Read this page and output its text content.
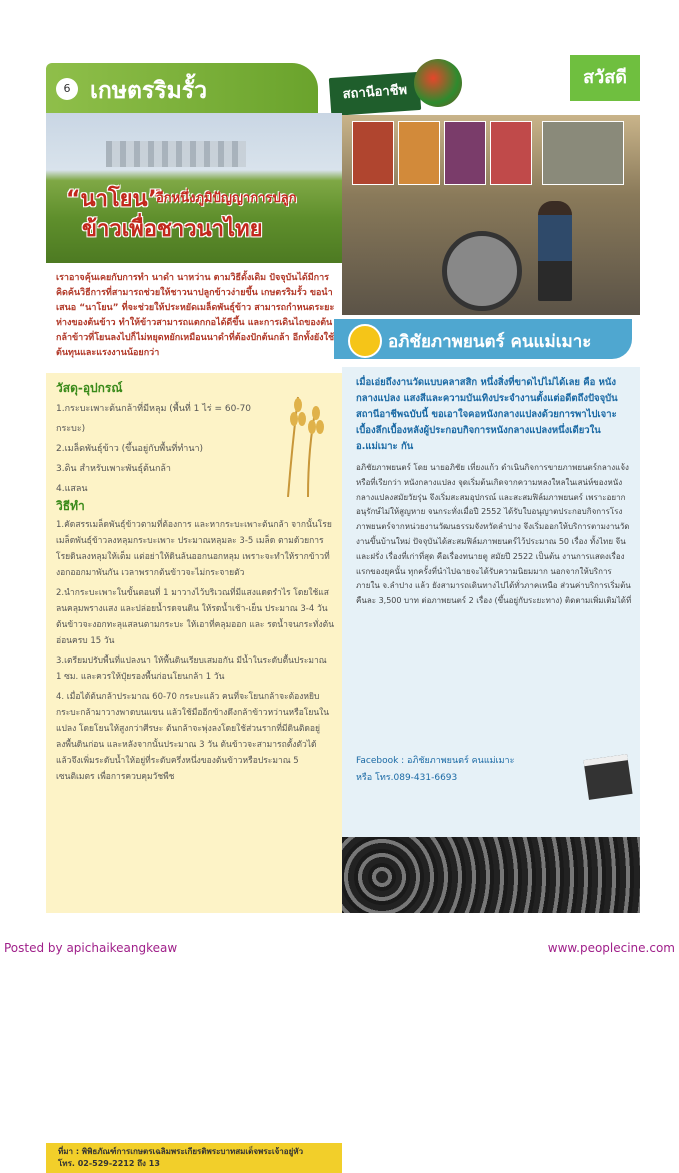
6 เกษตรริมรั้ว	สถานีอาชีพ
สวัสดี
“นาโยน”
อีกหนึ่งภูมิปัญญาการปลูก
ข้าวเพื่อชาวนาไทย
เราอาจคุ้นเคยกับการทำ นาดำ นาหว่าน ตามวิธีดั้งเดิม ปัจจุบันได้มีการคิดค้นวิธีการที่สามารถช่วยให้ชาวนาปลูกข้าวง่ายขึ้น เกษตรริมรั้ว ขอนำเสนอ “นาโยน” ที่จะช่วยให้ประหยัดเมล็ดพันธุ์ข้าว สามารถกำหนดระยะห่างของต้นข้าว ทำให้ข้าวสามารถแตกกอได้ดีขึ้น และการเดินไถของต้นกล้าข้าวที่โยนลงไปก็ไม่หยุดหยักเหมือนนาดำที่ต้องปักต้นกล้า อีกทั้งยังใช้ต้นทุนและแรงงานน้อยกว่า
วัสดุ-อุปกรณ์
1.กระบะเพาะต้นกล้าที่มีหลุม (พื้นที่ 1 ไร่ = 60-70 กระบะ)
2.เมล็ดพันธุ์ข้าว (ขึ้นอยู่กับพื้นที่ทำนา)
3.ดิน สำหรับเพาะพันธุ์ต้นกล้า
4.แสลน
วิธีทำ
1.คัดสรรเมล็ดพันธุ์ข้าวตามที่ต้องการ และหากระบะเพาะต้นกล้า จากนั้นโรยเมล็ดพันธุ์ข้าวลงหลุมกระบะเพาะ ประมาณหลุมละ 3-5 เมล็ด ตามด้วยการโรยดินลงหลุมให้เต็ม แต่อย่าให้ดินล้นออกนอกหลุม เพราะจะทำให้รากข้าวที่งอกออกมาพันกัน เวลาพรากต้นข้าวจะไม่กระจายตัว
2.นำกระบะเพาะในขั้นตอนที่ 1 มาวางไว้บริเวณที่มีแสงแดดรำไร โดยใช้แสลนคลุมพรางแสง และปล่อยน้ำรดจนดิน ให้รดน้ำเช้า-เย็น ประมาณ 3-4 วัน ต้นข้าวจะงอกทะลุแสลนตามกระบะ ให้เอาที่คลุมออก และ รดน้ำจนกระทั่งต้นอ่อนครบ 15 วัน
3.เตรียมปรับพื้นที่แปลงนา ให้พื้นดินเรียบเสมอกัน มีน้ำในระดับตื้นประมาณ 1 ซม. และควรให้ปุ๋ยรองพื้นก่อนโยนกล้า 1 วัน
4. เมื่อได้ต้นกล้าประมาณ 60-70 กระบะแล้ว คนที่จะโยนกล้าจะต้องหยิบกระบะกล้ามาวางพาดบนแขน แล้วใช้มืออีกข้างดึงกล้าข้าวหว่านหรือโยนในแปลง โดยโยนให้สูงกว่าศีรษะ ต้นกล้าจะพุ่งลงโดยใช้ส่วนรากที่มีดินติดอยู่ลงพื้นดินก่อน และหลังจากนั้นประมาณ 3 วัน ต้นข้าวจะสามารถตั้งตัวได้ แล้วจึงเพิ่มระดับน้ำให้อยู่ที่ระดับครึ่งหนึ่งของต้นข้าวหรือประมาณ 5 เซนติเมตร เพื่อการควบคุมวัชพืช
ที่มา : พิพิธภัณฑ์การเกษตรเฉลิมพระเกียรติพระบาทสมเด็จพระเจ้าอยู่หัว
โทร. 02-529-2212 ถึง 13
อภิชัยภาพยนตร์ คนแม่เมาะ
เมื่อเอ่ยถึงงานวัดแบบคลาสสิก หนึ่งสิ่งที่ขาดไปไม่ได้เลย คือ หนังกลางแปลง แสงสีและความบันเทิงประจำงานตั้งแต่อดีตถึงปัจจุบัน สถานีอาชีพฉบับนี้ ขอเอาใจคอหนังกลางแปลงด้วยการพาไปเจาะเบื้องลึกเบื้องหลังผู้ประกอบกิจการหนังกลางแปลงหนึ่งเดียวใน อ.แม่เมาะ กัน
อภิชัยภาพยนตร์ โดย นายอภิชัย เที่ยงแก้ว ดำเนินกิจการขายภาพยนตร์กลางแจ้ง หรือที่เรียกว่า หนังกลางแปลง จุดเริ่มต้นเกิดจากความหลงใหลในเสน่ห์ของหนังกลางแปลงสมัยวัยรุ่น จึงเริ่มสะสมอุปกรณ์ และสะสมฟิล์มภาพยนตร์ เพราะอยากอนุรักษ์ไม่ให้สูญหาย จนกระทั่งเมื่อปี 2552 ได้รับใบอนุญาตประกอบกิจการโรงภาพยนตร์จากหน่วยงานวัฒนธรรมจังหวัดลำปาง จึงเริ่มออกให้บริการตามงานวัด งานขึ้นบ้านใหม่ ปัจจุบันได้สะสมฟิล์มภาพยนตร์ไว้ประมาณ 50 เรื่อง ทั้งไทย จีน และฝรั่ง เรื่องที่เก่าที่สุด คือเรื่องทนายตู สมัยปี 2522 เป็นต้น งานการแสดงเรื่องแรกของยุคนั้น ทุกครั้งที่นำไปฉายจะได้รับความนิยมมาก นอกจากให้บริการภายใน จ.ลำปาง แล้ว ยังสามารถเดินทางไปได้ทั่วภาคเหนือ ส่วนค่าบริการเริ่มต้นคืนละ 3,500 บาท ต่อภาพยนตร์ 2 เรื่อง (ขึ้นอยู่กับระยะทาง) ติดตามเพิ่มเติมได้ที่
Facebook : อภิชัยภาพยนตร์ คนแม่เมาะ
หรือ โทร.089-431-6693
Posted by apichaikeangkeaw	www.peoplecine.com
